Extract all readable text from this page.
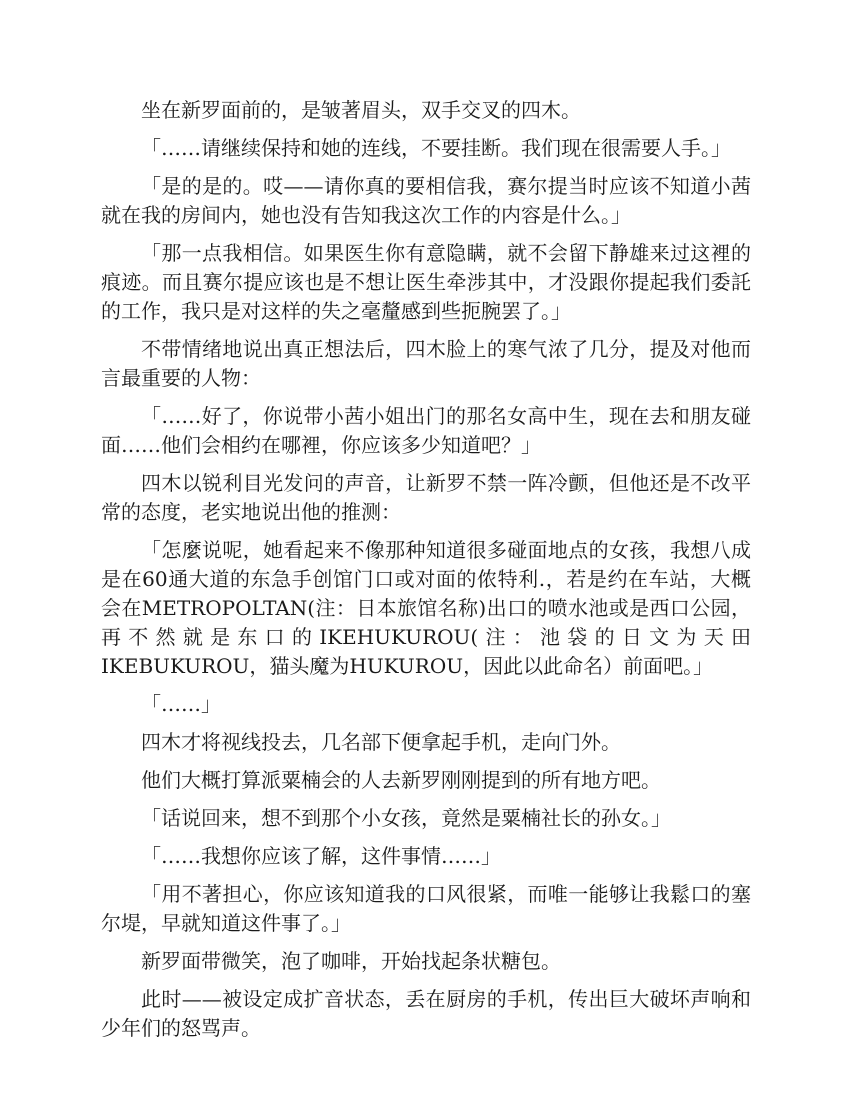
坐在新罗面前的，是皱著眉头，双手交叉的四木。

「……请继续保持和她的连线，不要挂断。我们现在很需要人手。」

「是的是的。哎——请你真的要相信我，赛尔提当时应该不知道小茜就在我的房间内，她也没有告知我这次工作的内容是什么。」

「那一点我相信。如果医生你有意隐瞒，就不会留下静雄来过这裡的痕迹。而且赛尔提应该也是不想让医生牵涉其中，才没跟你提起我们委託的工作，我只是对这样的失之毫釐感到些扼腕罢了。」

不带情绪地说出真正想法后，四木脸上的寒气浓了几分，提及对他而言最重要的人物：

「……好了，你说带小茜小姐出门的那名女高中生，现在去和朋友碰面……他们会相约在哪裡，你应该多少知道吧？」

四木以锐利目光发问的声音，让新罗不禁一阵冷颤，但他还是不改平常的态度，老实地说出他的推测：

「怎麼说呢，她看起来不像那种知道很多碰面地点的女孩，我想八成是在60通大道的东急手创馆门口或对面的侬特利.，若是约在车站，大概会在METROPOLTAN(注：日本旅馆名称)出口的喷水池或是西口公园，再不然就是东口的IKEHUKUROU(注：池袋的日文为天田IKEBUKUROU，猫头魔为HUKUROU，因此以此命名）前面吧。」

「……」

四木才将视线投去，几名部下便拿起手机，走向门外。

他们大概打算派粟楠会的人去新罗刚刚提到的所有地方吧。

「话说回来，想不到那个小女孩，竟然是粟楠社长的孙女。」

「……我想你应该了解，这件事情……」

「用不著担心，你应该知道我的口风很紧，而唯一能够让我鬆口的塞尔堤，早就知道这件事了。」

新罗面带微笑，泡了咖啡，开始找起条状糖包。

此时——被设定成扩音状态，丢在厨房的手机，传出巨大破坏声响和少年们的怒骂声。
